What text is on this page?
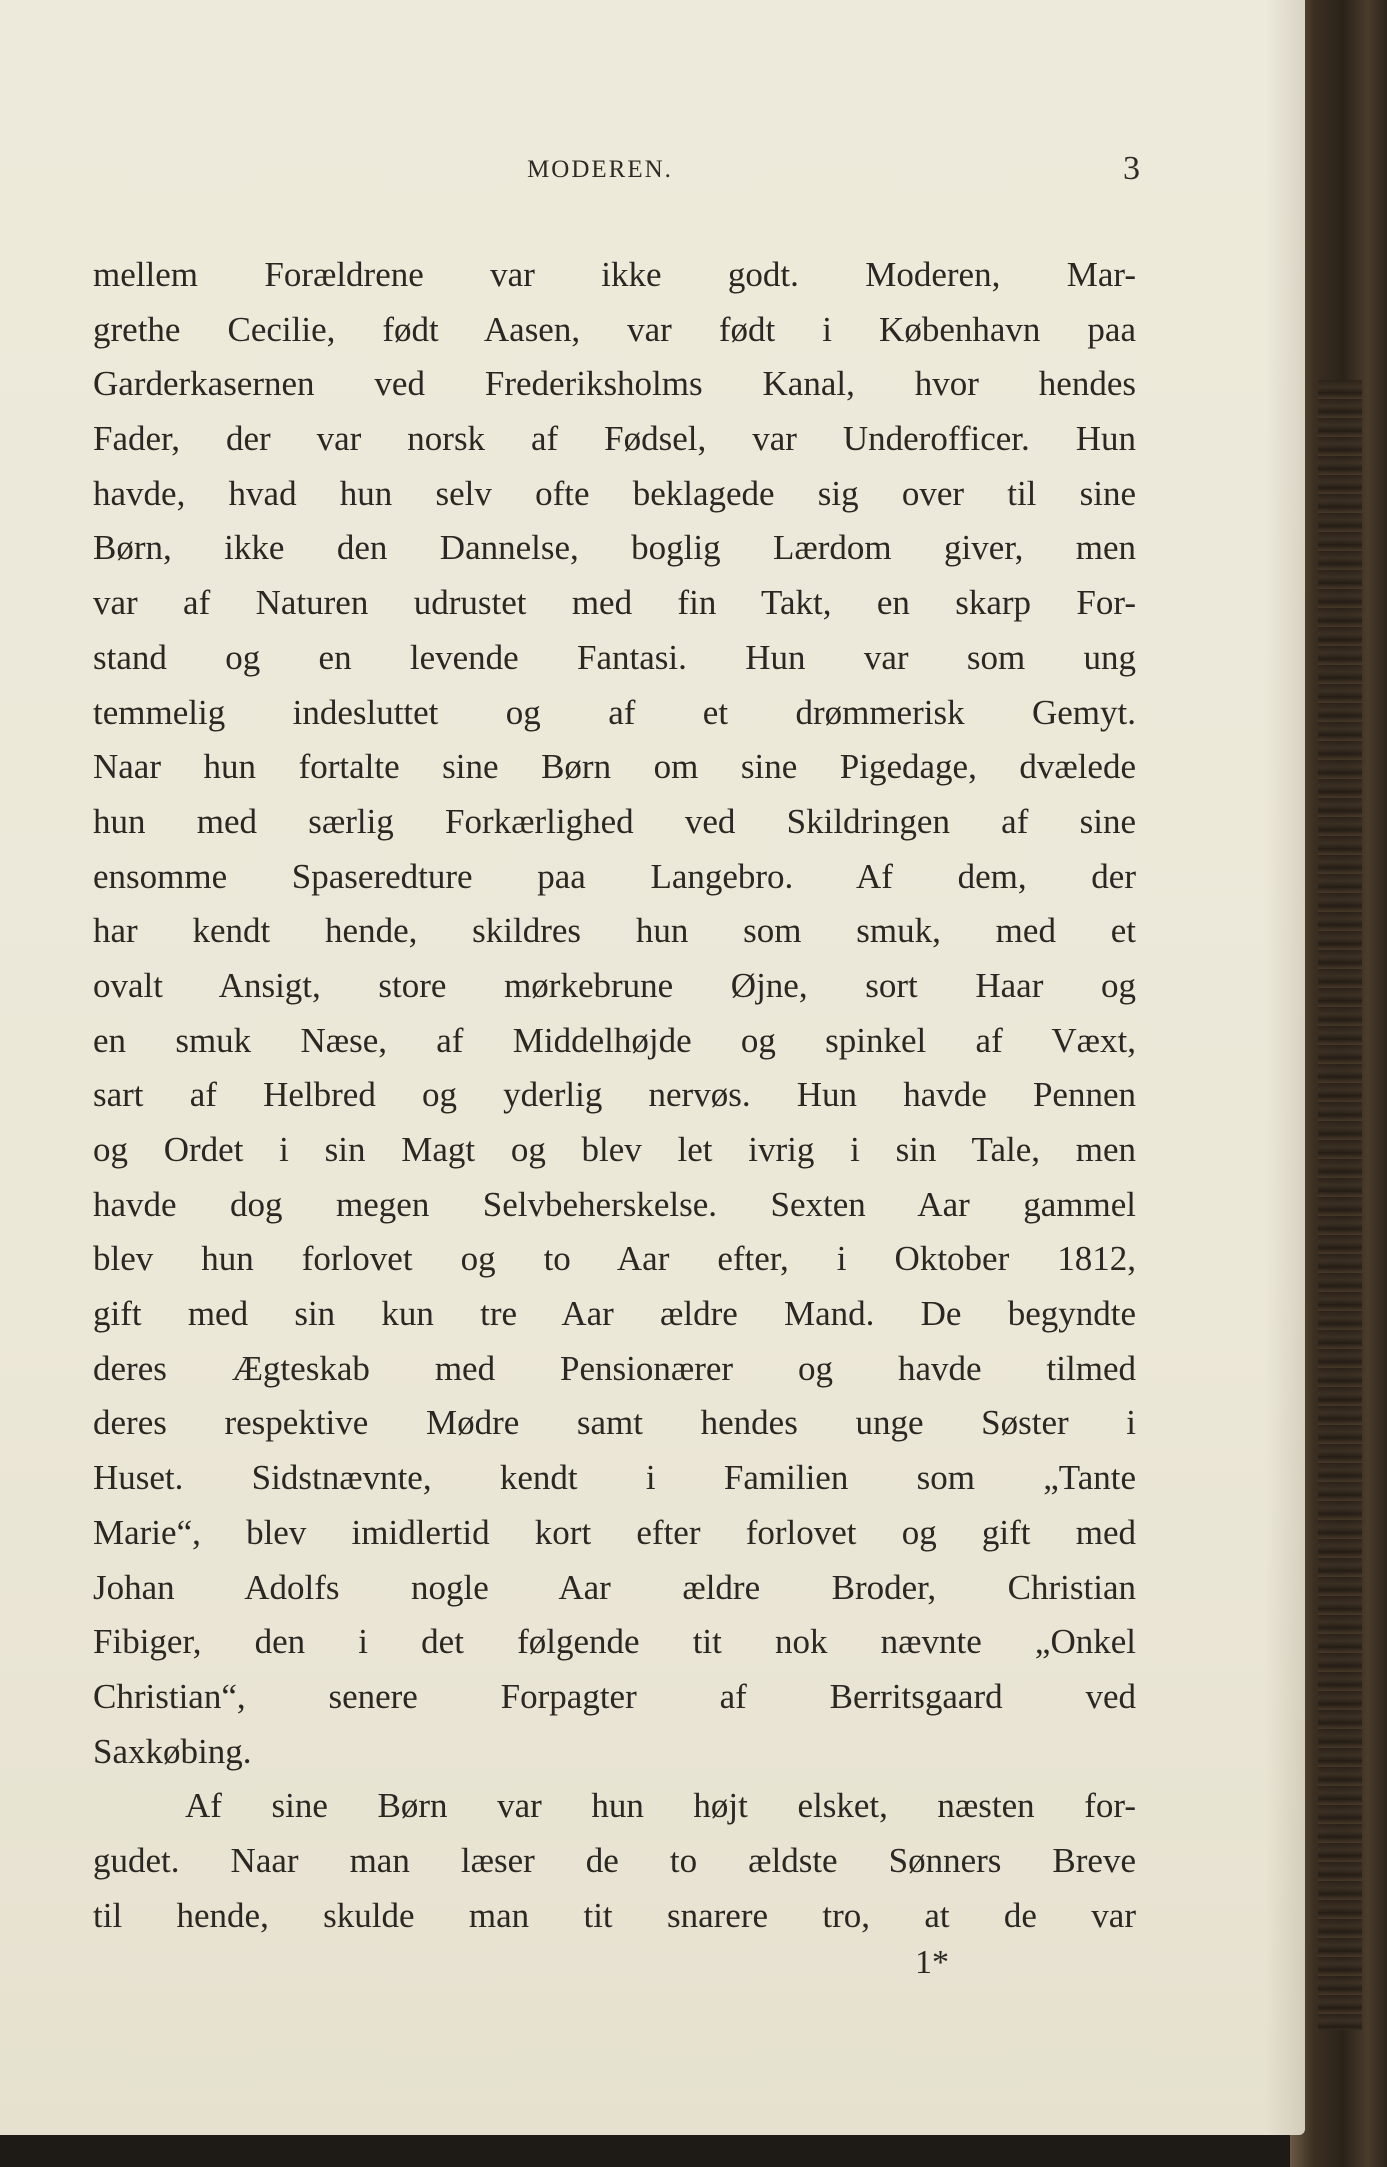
MODEREN.	3
mellem Forældrene var ikke godt. Moderen, Mar-
grethe Cecilie, født Aasen, var født i København paa
Garderkasernen ved Frederiksholms Kanal, hvor hendes
Fader, der var norsk af Fødsel, var Underofficer. Hun
havde, hvad hun selv ofte beklagede sig over til sine
Børn, ikke den Dannelse, boglig Lærdom giver, men
var af Naturen udrustet med fin Takt, en skarp For-
stand og en levende Fantasi. Hun var som ung
temmelig indesluttet og af et drømmerisk Gemyt.
Naar hun fortalte sine Børn om sine Pigedage, dvælede
hun med særlig Forkærlighed ved Skildringen af sine
ensomme Spaseredture paa Langebro. Af dem, der
har kendt hende, skildres hun som smuk, med et
ovalt Ansigt, store mørkebrune Øjne, sort Haar og
en smuk Næse, af Middelhøjde og spinkel af Væxt,
sart af Helbred og yderlig nervøs. Hun havde Pennen
og Ordet i sin Magt og blev let ivrig i sin Tale, men
havde dog megen Selvbeherskelse. Sexten Aar gammel
blev hun forlovet og to Aar efter, i Oktober 1812,
gift med sin kun tre Aar ældre Mand. De begyndte
deres Ægteskab med Pensionærer og havde tilmed
deres respektive Mødre samt hendes unge Søster i
Huset. Sidstnævnte, kendt i Familien som „Tante
Marie“, blev imidlertid kort efter forlovet og gift med
Johan Adolfs nogle Aar ældre Broder, Christian
Fibiger, den i det følgende tit nok nævnte „Onkel
Christian“, senere Forpagter af Berritsgaard ved
Saxkøbing.
Af sine Børn var hun højt elsket, næsten for-
gudet. Naar man læser de to ældste Sønners Breve
til hende, skulde man tit snarere tro, at de var
1*
